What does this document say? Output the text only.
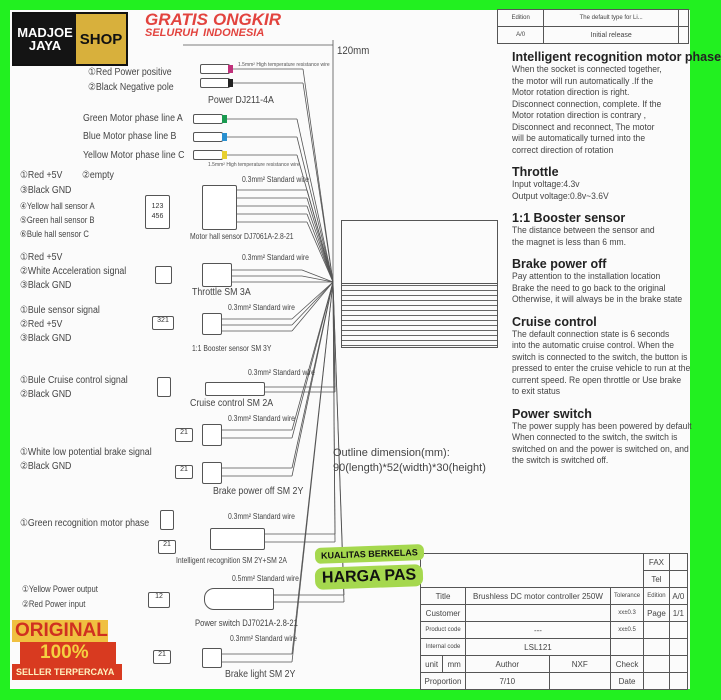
MADJOE
JAYA SHOP
120mm
①Red Power positive
②Black Negative pole
1.5mm² High temperature resistance wire
Power DJ211-4A
Green Motor phase line A
Blue Motor phase line B
Yellow Motor phase line C
1.5mm² High temperature resistance wire
①Red +5V ②empty
③Black GND
④Yellow hall sensor A
⑤Green hall sensor B
⑥Bule hall sensor C
123 456
0.3mm² Standard wire
Motor hall sensor DJ7061A-2.8-21
①Red +5V
②White Acceleration signal
③Black GND
0.3mm² Standard wire
Throttle SM 3A
①Bule sensor signal
②Red +5V
③Black GND
321
0.3mm² Standard wire
1:1 Booster sensor SM 3Y
①Bule Cruise control signal
②Black GND
0.3mm² Standard wire
Cruise control SM 2A
①White low potential brake signal
②Black GND
21
21
0.3mm² Standard wire
Brake power off SM 2Y
①Green recognition motor phase
21
0.3mm² Standard wire
Intelligent recognition SM 2Y+SM 2A
①Yellow Power output
②Red Power input
12
0.5mm² Standard wire
Power switch DJ7021A-2.8-21
21
0.3mm² Standard wire
Brake light SM 2Y
Outline dimension(mm):
90(length)*52(width)*30(height)
Edition	The default type for Li...	
A/0	Initial release	
Intelligent recognition motor phase
When the socket is connected together,
the motor will run automatically .If the
Motor rotation direction is right.
Disconnect connection, complete. If the
Motor rotation direction is contrary ,
Disconnect and reconnect, The motor
will be automatically turned into the
correct direction of rotation
Throttle
Input voltage:4.3v
Output voltage:0.8v~3.6V
1:1 Booster sensor
The distance between the sensor and
the magnet is less than 6 mm.
Brake power off
Pay attention to the installation location
Brake the need to go back to the original
Otherwise, it will always be in the brake state
Cruise control
The default connection state is 6 seconds
into the automatic cruise control. When the
switch is connected to the switch, the button is
pressed to enter the cruise vehicle to run at the
current speed. Re open throttle or Use brake
to exit status
Power switch
The power supply has been powered by default
When connected to the switch, the switch is
switched on and the power is switched on, and
the switch is switched off.
					FAX	
					Tel	
Title		Brushless DC motor controller 250W		Tolerance	Edition	A/0
Customer				xx±0.3	Page	1/1
Product code		---		xx±0.5		
Internal code		LSL121				
unit	mm	Author	NXF	Check		
Proportion		7/10		Date		
GRATIS ONGKIR
SELURUH INDONESIA
ORIGINAL
100%
SELLER TERPERCAYA
KUALITAS BERKELAS
HARGA PAS
